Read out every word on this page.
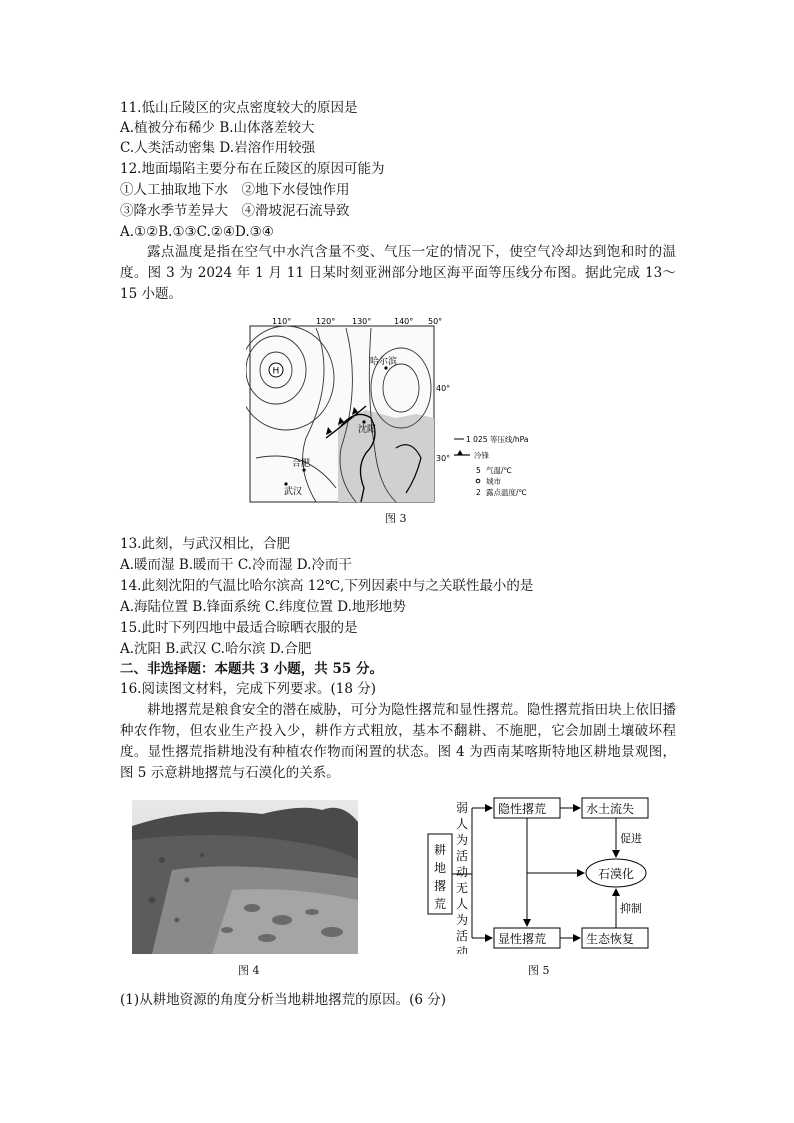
11.低山丘陵区的灾点密度较大的原因是
A.植被分布稀少 B.山体落差较大
C.人类活动密集 D.岩溶作用较强
12.地面塌陷主要分布在丘陵区的原因可能为
①人工抽取地下水　②地下水侵蚀作用
③降水季节差异大　④滑坡泥石流导致
A.①②B.①③C.②④D.③④
露点温度是指在空气中水汽含量不变、气压一定的情况下，使空气冷却达到饱和时的温度。图 3 为 2024 年 1 月 11 日某时刻亚洲部分地区海平面等压线分布图。据此完成 13～15 小题。
110°	120° 130°	140° 50°
40°
30°
H
哈尔滨
沈阳
合肥
武汉
1 025 等压线/hPa
冷锋
5 气温/℃
城市
2 露点温度/℃
图 3
13.此刻，与武汉相比，合肥
A.暖而湿 B.暖而干 C.冷而湿 D.冷而干
14.此刻沈阳的气温比哈尔滨高 12℃,下列因素中与之关联性最小的是
A.海陆位置 B.锋面系统 C.纬度位置 D.地形地势
15.此时下列四地中最适合晾晒衣服的是
A.沈阳 B.武汉 C.哈尔滨 D.合肥
二、非选择题：本题共 3 小题，共 55 分。
16.阅读图文材料，完成下列要求。(18 分)
耕地撂荒是粮食安全的潜在威胁，可分为隐性撂荒和显性撂荒。隐性撂荒指田块上依旧播种农作物，但农业生产投入少，耕作方式粗放，基本不翻耕、不施肥，它会加剧土壤破坏程度。显性撂荒指耕地没有种植农作物而闲置的状态。图 4 为西南某喀斯特地区耕地景观图，图 5 示意耕地撂荒与石漠化的关系。
图 4
耕
地
撂
荒
弱
人
为
活
动
无
人
为
活
动
隐性撂荒
显性撂荒
水土流失
生态恢复
石漠化
促进
抑制
图 5
(1)从耕地资源的角度分析当地耕地撂荒的原因。(6 分)
